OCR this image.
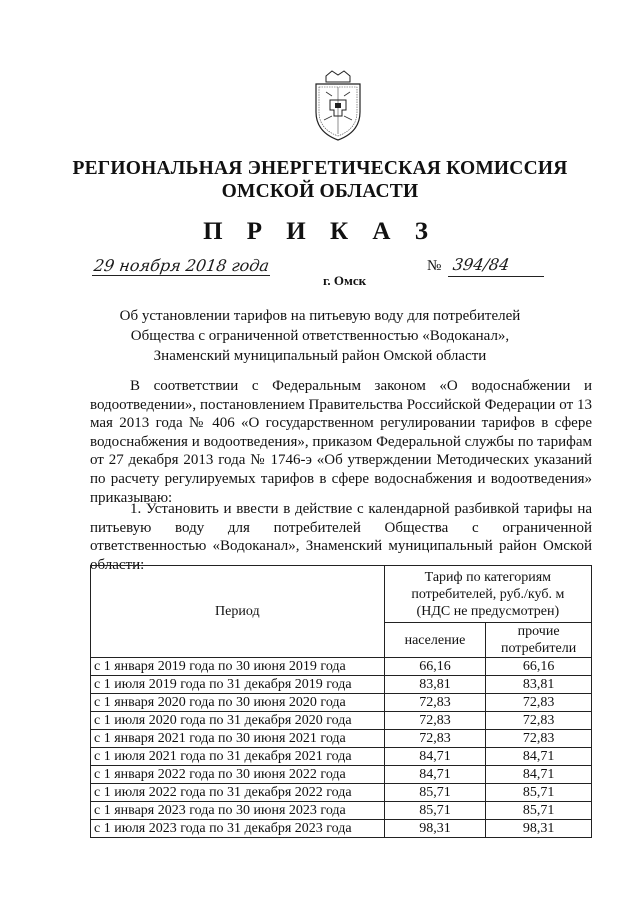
РЕГИОНАЛЬНАЯ ЭНЕРГЕТИЧЕСКАЯ КОМИССИЯ
ОМСКОЙ ОБЛАСТИ
П Р И К А З
29 ноября 2018 года
г. Омск
№ 394/84
Об установлении тарифов на питьевую воду для потребителей
Общества с ограниченной ответственностью «Водоканал»,
Знаменский муниципальный район Омской области
В соответствии с Федеральным законом «О водоснабжении и водоотведении», постановлением Правительства Российской Федерации от 13 мая 2013 года № 406 «О государственном регулировании тарифов в сфере водоснабжения и водоотведения», приказом Федеральной службы по тарифам от 27 декабря 2013 года № 1746-э «Об утверждении Методических указаний по расчету регулируемых тарифов в сфере водоснабжения и водоотведения» приказываю:
1. Установить и ввести в действие с календарной разбивкой тарифы на питьевую воду для потребителей Общества с ограниченной ответственностью «Водоканал», Знаменский муниципальный район Омской области:
Период	Тариф по категориям потребителей, руб./куб. м (НДС не предусмотрен)	
	население	прочие потребители
с 1 января 2019 года по 30 июня 2019 года	66,16	66,16
с 1 июля 2019 года по 31 декабря 2019 года	83,81	83,81
с 1 января 2020 года по 30 июня 2020 года	72,83	72,83
с 1 июля 2020 года по 31 декабря 2020 года	72,83	72,83
с 1 января 2021 года по 30 июня 2021 года	72,83	72,83
с 1 июля 2021 года по 31 декабря 2021 года	84,71	84,71
с 1 января 2022 года по 30 июня 2022 года	84,71	84,71
с 1 июля 2022 года по 31 декабря 2022 года	85,71	85,71
с 1 января 2023 года по 30 июня 2023 года	85,71	85,71
с 1 июля 2023 года по 31 декабря 2023 года	98,31	98,31
